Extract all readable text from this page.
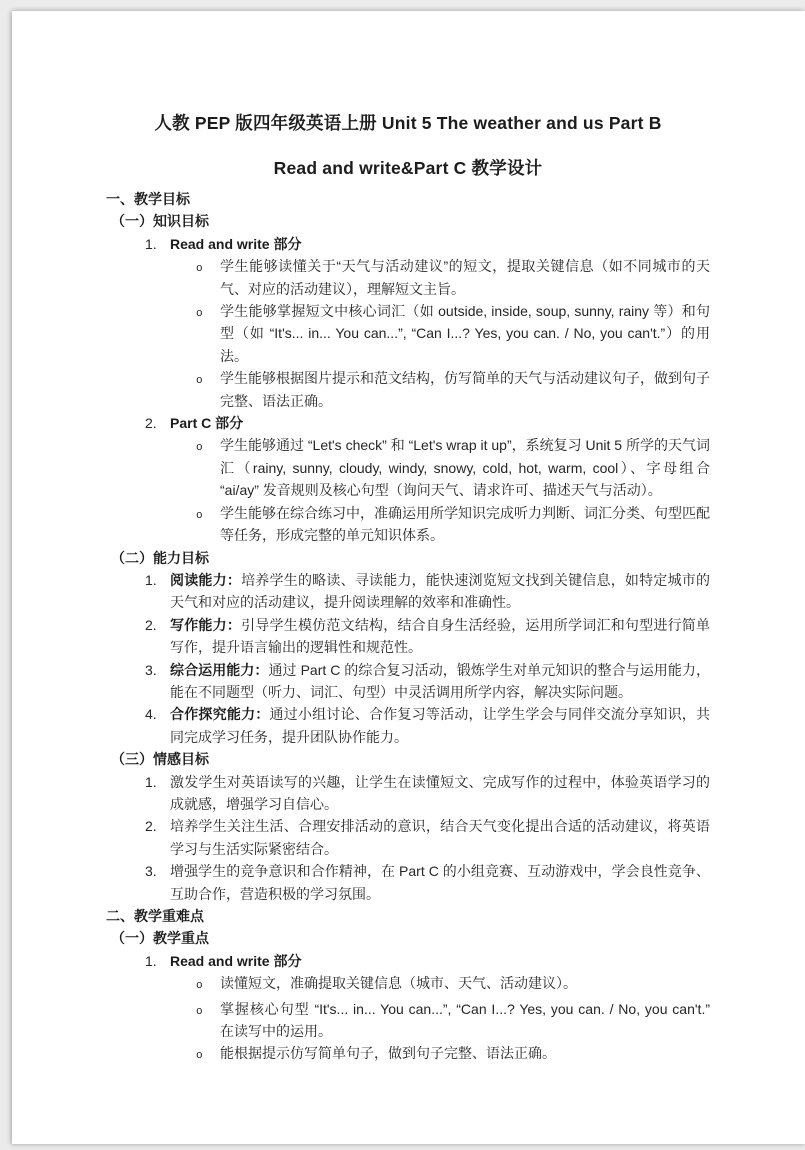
人教 PEP 版四年级英语上册 Unit 5 The weather and us Part B
Read and write&Part C 教学设计
一、教学目标
（一）知识目标
1. Read and write 部分
o	学生能够读懂关于“天气与活动建议”的短文，提取关键信息（如不同城市的天气、对应的活动建议），理解短文主旨。
o	学生能够掌握短文中核心词汇（如 outside, inside, soup, sunny, rainy 等）和句型（如 “It's... in... You can...”, “Can I...? Yes, you can. / No, you can't.”）的用法。
o	学生能够根据图片提示和范文结构，仿写简单的天气与活动建议句子，做到句子完整、语法正确。
2. Part C 部分
o	学生能够通过 “Let's check” 和 “Let's wrap it up”，系统复习 Unit 5 所学的天气词汇（rainy, sunny, cloudy, windy, snowy, cold, hot, warm, cool）、字母组合 “ai/ay” 发音规则及核心句型（询问天气、请求许可、描述天气与活动）。
o	学生能够在综合练习中，准确运用所学知识完成听力判断、词汇分类、句型匹配等任务，形成完整的单元知识体系。
（二）能力目标
1. 阅读能力：培养学生的略读、寻读能力，能快速浏览短文找到关键信息，如特定城市的天气和对应的活动建议，提升阅读理解的效率和准确性。
2. 写作能力：引导学生模仿范文结构，结合自身生活经验，运用所学词汇和句型进行简单写作，提升语言输出的逻辑性和规范性。
3. 综合运用能力：通过 Part C 的综合复习活动，锻炼学生对单元知识的整合与运用能力，能在不同题型（听力、词汇、句型）中灵活调用所学内容，解决实际问题。
4. 合作探究能力：通过小组讨论、合作复习等活动，让学生学会与同伴交流分享知识，共同完成学习任务，提升团队协作能力。
（三）情感目标
1. 激发学生对英语读写的兴趣，让学生在读懂短文、完成写作的过程中，体验英语学习的成就感，增强学习自信心。
2. 培养学生关注生活、合理安排活动的意识，结合天气变化提出合适的活动建议，将英语学习与生活实际紧密结合。
3. 增强学生的竞争意识和合作精神，在 Part C 的小组竞赛、互动游戏中，学会良性竞争、互助合作，营造积极的学习氛围。
二、教学重难点
（一）教学重点
1. Read and write 部分
o	读懂短文，准确提取关键信息（城市、天气、活动建议）。
o	掌握核心句型 “It's... in... You can...”, “Can I...? Yes, you can. / No, you can't.” 在读写中的运用。
o	能根据提示仿写简单句子，做到句子完整、语法正确。
